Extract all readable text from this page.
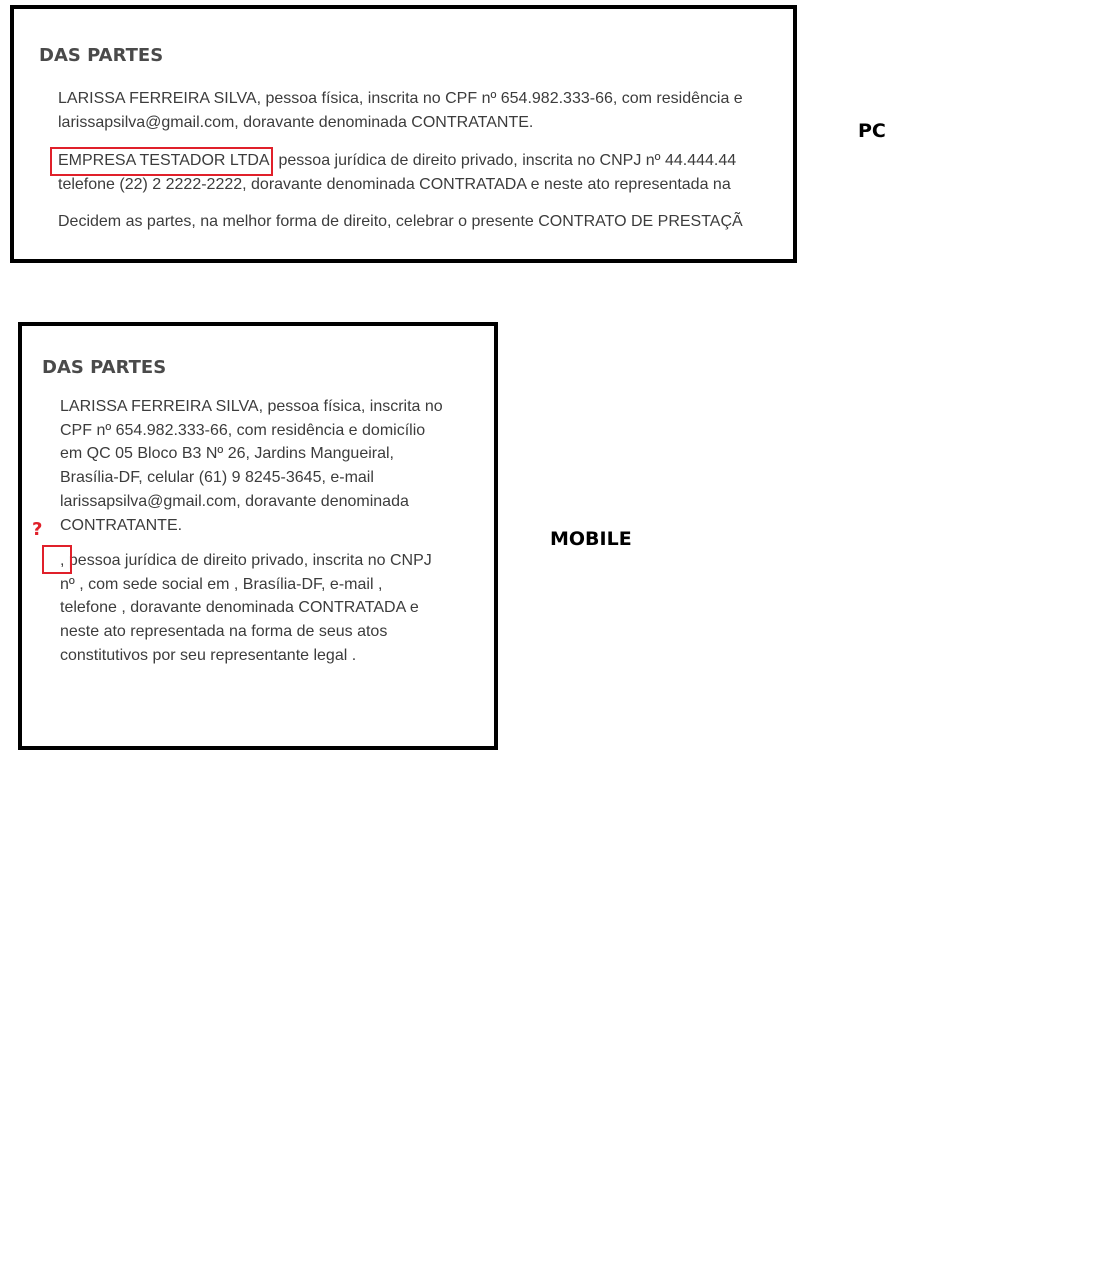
DAS PARTES

LARISSA FERREIRA SILVA, pessoa física, inscrita no CPF nº 654.982.333-66, com residência e
larissapsilva@gmail.com, doravante denominada CONTRATANTE.

EMPRESA TESTADOR LTDA, pessoa jurídica de direito privado, inscrita no CNPJ nº 44.444.44
telefone (22) 2 2222-2222, doravante denominada CONTRATADA e neste ato representada na

Decidem as partes, na melhor forma de direito, celebrar o presente CONTRATO DE PRESTAÇÃ

PC
DAS PARTES

LARISSA FERREIRA SILVA, pessoa física, inscrita no
CPF nº 654.982.333-66, com residência e domicílio
em QC 05 Bloco B3 Nº 26, Jardins Mangueiral,
Brasília-DF, celular (61) 9 8245-3645, e-mail
larissapsilva@gmail.com, doravante denominada
CONTRATANTE.

, pessoa jurídica de direito privado, inscrita no CNPJ
nº , com sede social em , Brasília-DF, e-mail ,
telefone , doravante denominada CONTRATADA e
neste ato representada na forma de seus atos
constitutivos por seu representante legal .

?	MOBILE
